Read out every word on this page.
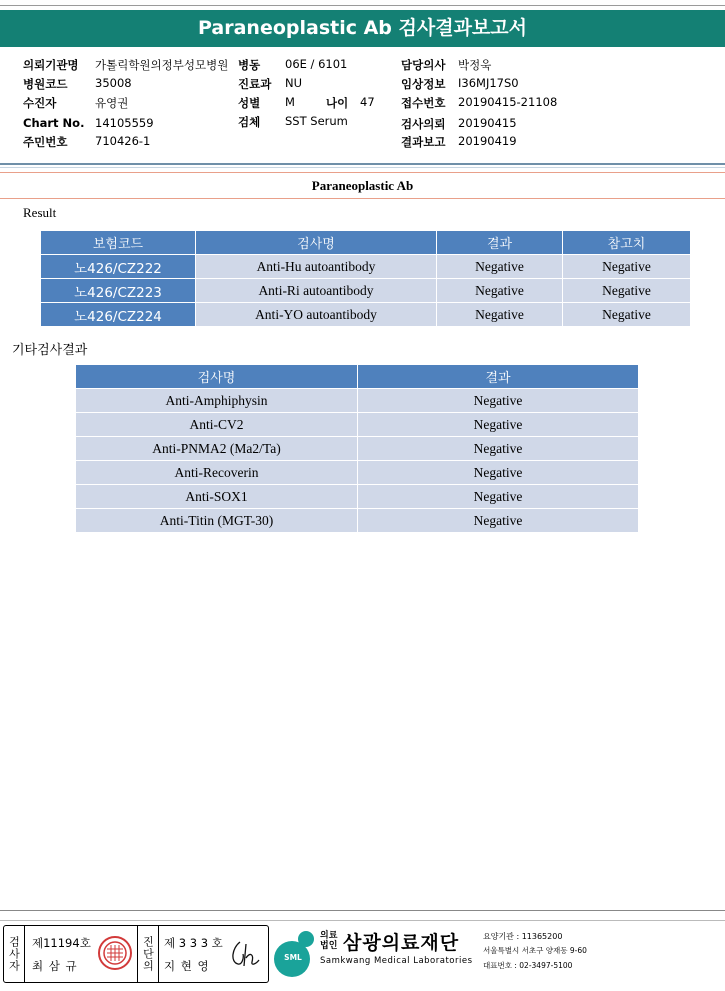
Paraneoplastic Ab 검사결과보고서
의뢰기관명 가톨릭학원의정부성모병원
병원코드 35008
수진자	유영권
Chart No. 14105559
주민번호 710426-1
병동 06E / 6101
진료과 NU
성별 M	나이 47
검체 SST Serum
담당의사 박정욱
임상정보 I36MJ17S0
접수번호 20190415-21108
검사의뢰 20190415
결과보고 20190419
Paraneoplastic Ab
Result
보험코드	검사명	결과	참고치
노426/CZ222	Anti-Hu autoantibody	Negative	Negative
노426/CZ223	Anti-Ri autoantibody	Negative	Negative
노426/CZ224	Anti-YO autoantibody	Negative	Negative
기타검사결과
검사명	결과
Anti-Amphiphysin	Negative
Anti-CV2	Negative
Anti-PNMA2 (Ma2/Ta)	Negative
Anti-Recoverin	Negative
Anti-SOX1	Negative
Anti-Titin (MGT-30)	Negative
검사자 제11194호
최 삼 규	진단의 제 3 3 3 호
지 현 영
SML
의료
법인 삼광의료재단
Samkwang Medical Laboratories
요양기관 : 11365200
서울특별시 서초구 양재동 9-60
대표번호 : 02-3497-5100
